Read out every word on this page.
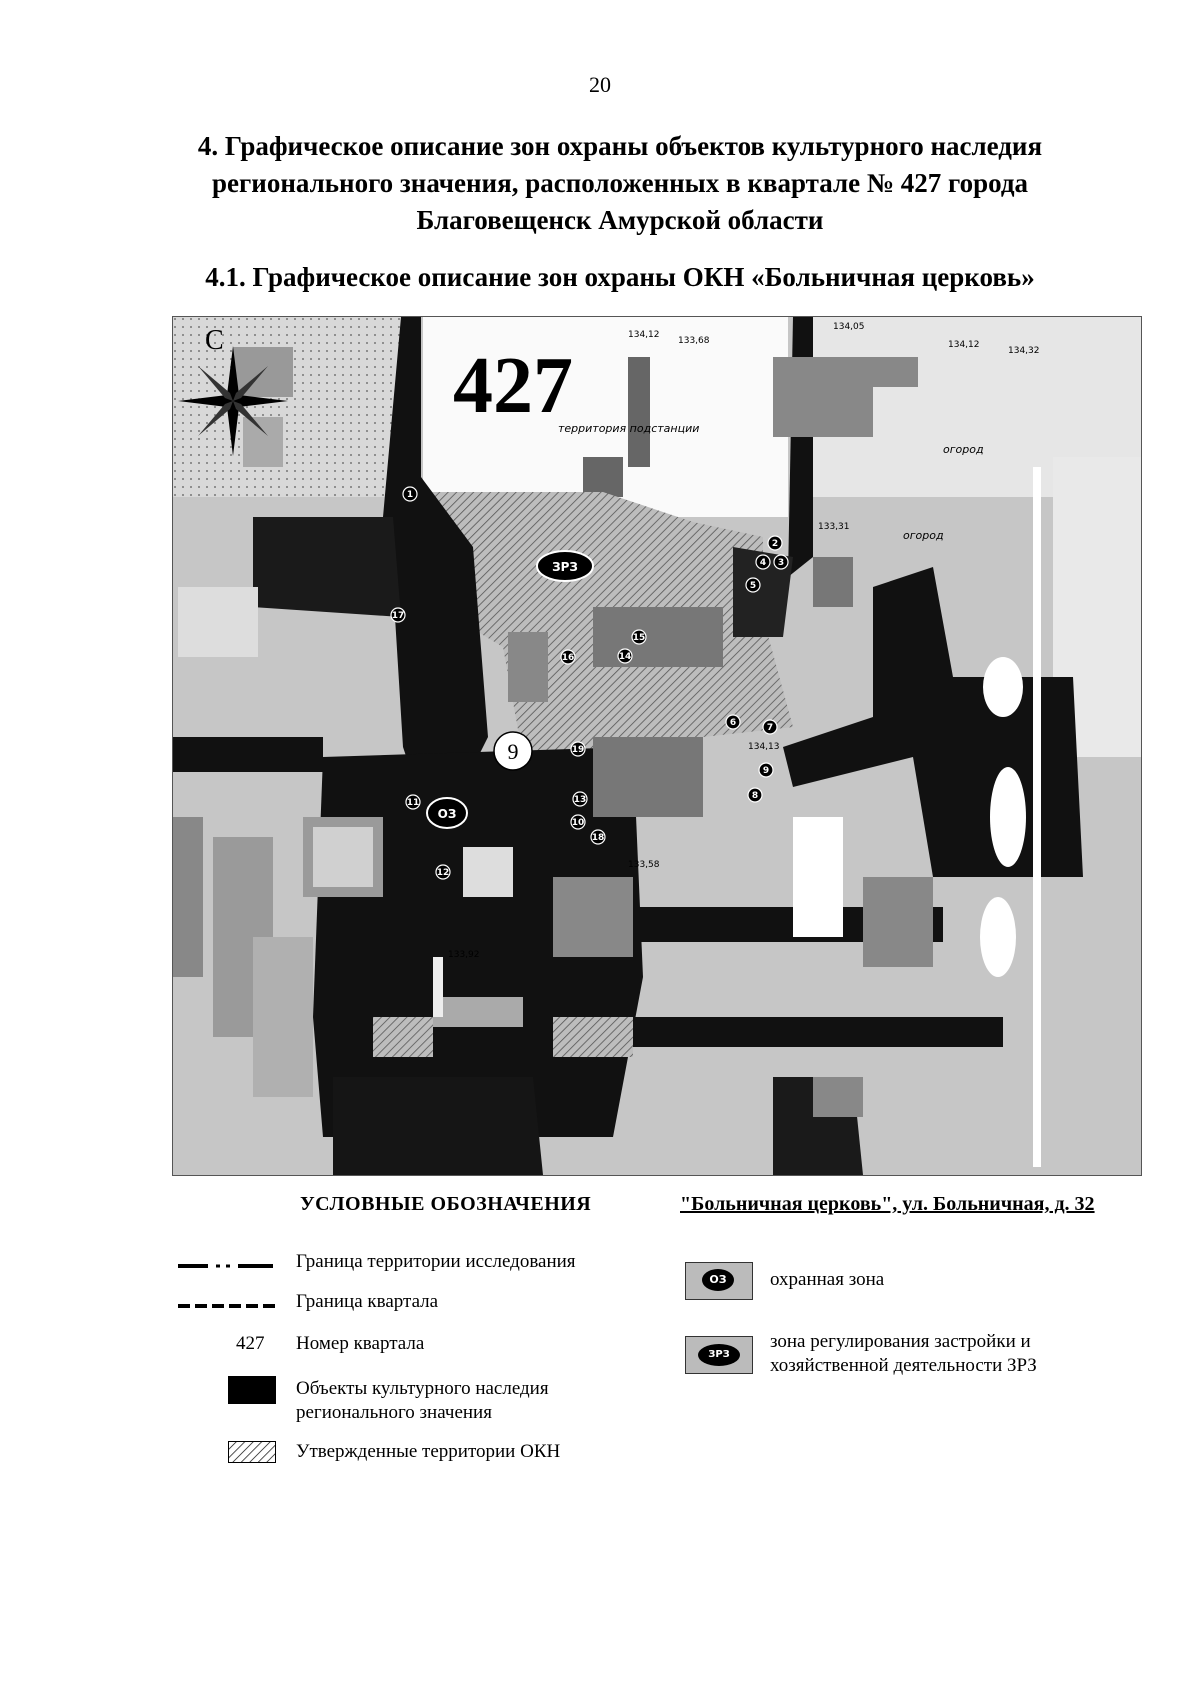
20
4. Графическое описание зон охраны объектов культурного наследия регионального значения, расположенных в квартале № 427 города Благовещенск Амурской области
4.1. Графическое описание зон охраны ОКН «Больничная церковь»
1
2
3
4
5
6	7
8
9
10
11
12
13
14
15
16
17
18
19
С
427
территория подстанции
огород
огород
134,12
133,68
134,05
134,12
134,32
133,31
134,13
133,58
133,92
ЗРЗ
ОЗ
9
УСЛОВНЫЕ ОБОЗНАЧЕНИЯ	"Больничная церковь", ул. Больничная, д. 32
Граница территории исследования
Граница квартала
427 Номер квартала
Объекты культурного наследия регионального значения
Утвержденные территории ОКН
ОЗ	охранная зона
ЗРЗ
зона регулирования застройки и хозяйственной деятельности ЗРЗ
